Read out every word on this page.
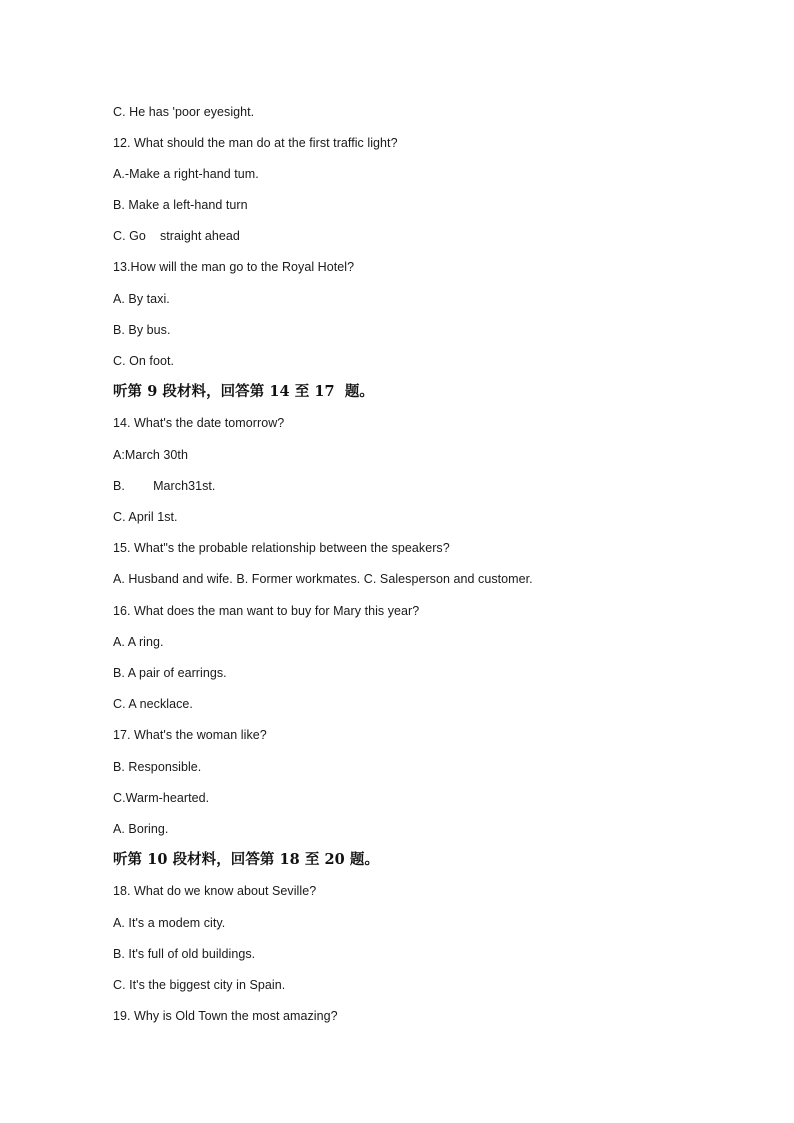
C. He has 'poor eyesight.
12. What should the man do at the first traffic light?
A.-Make a right-hand tum.
B. Make a left-hand turn
C. Go    straight ahead
13.How will the man go to the Royal Hotel?
A. By taxi.
B. By bus.
C. On foot.
听第 9 段材料，回答第 14 至 17  题。
14. What's the date tomorrow?
A:March 30th
B.        March31st.
C. April 1st.
15. What"s the probable relationship between the speakers?
A. Husband and wife. B. Former workmates. C. Salesperson and customer.
16. What does the man want to buy for Mary this year?
A. A ring.
B. A pair of earrings.
C. A necklace.
17. What's the woman like?
B. Responsible.
C.Warm-hearted.
A. Boring.
听第 10 段材料，回答第 18 至 20 题。
18. What do we know about Seville?
A. It's a modem city.
B. It's full of old buildings.
C. It's the biggest city in Spain.
19. Why is Old Town the most amazing?
